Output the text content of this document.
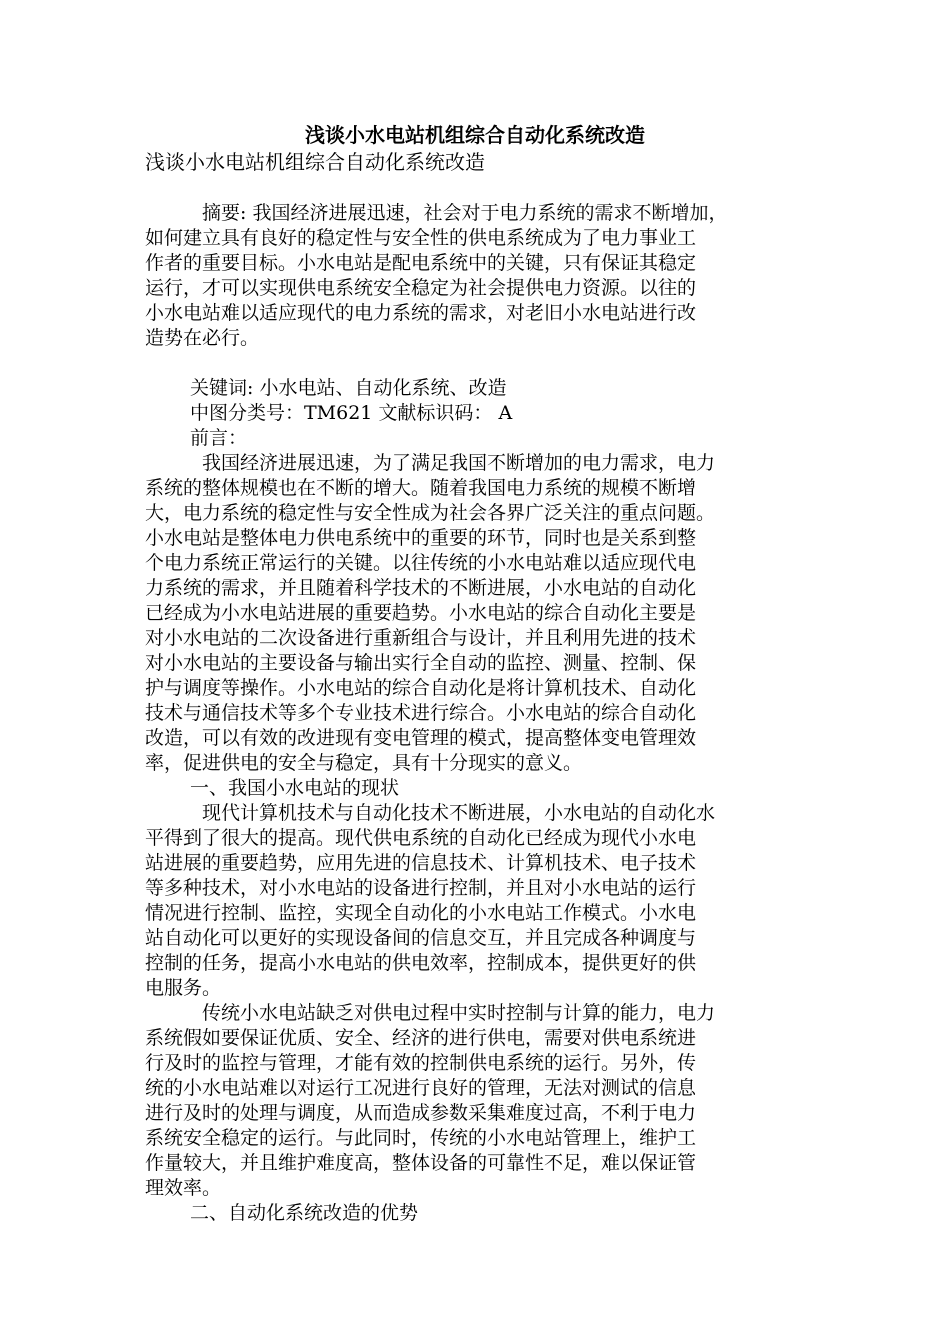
浅谈小水电站机组综合自动化系统改造

浅谈小水电站机组综合自动化系统改造

摘要: 我国经济进展迅速，社会对于电力系统的需求不断增加，

如何建立具有良好的稳定性与安全性的供电系统成为了电力事业工

作者的重要目标。小水电站是配电系统中的关键，只有保证其稳定

运行，才可以实现供电系统安全稳定为社会提供电力资源。以往的

小水电站难以适应现代的电力系统的需求，对老旧小水电站进行改

造势在必行。

关键词: 小水电站、自动化系统、改造

中图分类号：TM621 文献标识码： A

前言：

我国经济进展迅速，为了满足我国不断增加的电力需求，电力

系统的整体规模也在不断的增大。随着我国电力系统的规模不断增

大，电力系统的稳定性与安全性成为社会各界广泛关注的重点问题。

小水电站是整体电力供电系统中的重要的环节，同时也是关系到整

个电力系统正常运行的关键。以往传统的小水电站难以适应现代电

力系统的需求，并且随着科学技术的不断进展，小水电站的自动化

已经成为小水电站进展的重要趋势。小水电站的综合自动化主要是

对小水电站的二次设备进行重新组合与设计，并且利用先进的技术

对小水电站的主要设备与输出实行全自动的监控、测量、控制、保

护与调度等操作。小水电站的综合自动化是将计算机技术、自动化

技术与通信技术等多个专业技术进行综合。小水电站的综合自动化

改造，可以有效的改进现有变电管理的模式，提高整体变电管理效

率，促进供电的安全与稳定，具有十分现实的意义。

一、我国小水电站的现状

现代计算机技术与自动化技术不断进展，小水电站的自动化水

平得到了很大的提高。现代供电系统的自动化已经成为现代小水电

站进展的重要趋势，应用先进的信息技术、计算机技术、电子技术

等多种技术，对小水电站的设备进行控制，并且对小水电站的运行

情况进行控制、监控，实现全自动化的小水电站工作模式。小水电

站自动化可以更好的实现设备间的信息交互，并且完成各种调度与

控制的任务，提高小水电站的供电效率，控制成本，提供更好的供

电服务。

传统小水电站缺乏对供电过程中实时控制与计算的能力，电力

系统假如要保证优质、安全、经济的进行供电，需要对供电系统进

行及时的监控与管理，才能有效的控制供电系统的运行。另外，传

统的小水电站难以对运行工况进行良好的管理，无法对测试的信息

进行及时的处理与调度，从而造成参数采集难度过高，不利于电力

系统安全稳定的运行。与此同时，传统的小水电站管理上，维护工

作量较大，并且维护难度高，整体设备的可靠性不足，难以保证管

理效率。

二、自动化系统改造的优势
